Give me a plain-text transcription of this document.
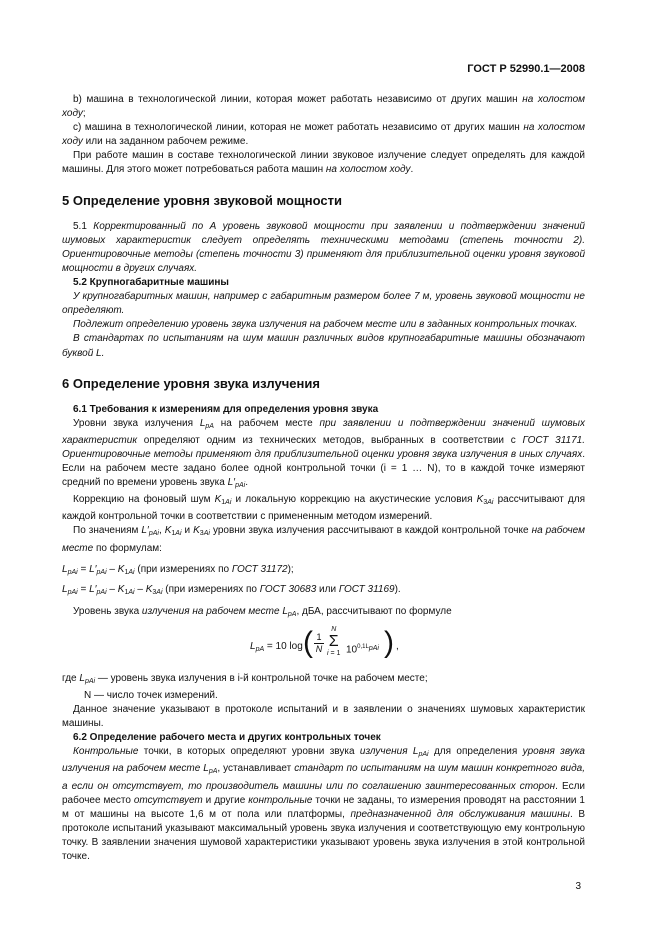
ГОСТ Р 52990.1—2008

b) машина в технологической линии, которая может работать независимо от других машин на холостом ходу;

c) машина в технологической линии, которая не может работать независимо от других машин на холостом ходу или на заданном рабочем режиме.

При работе машин в составе технологической линии звуковое излучение следует определять для каждой машины. Для этого может потребоваться работа машин на холостом ходу.

5 Определение уровня звуковой мощности

5.1 Корректированный по А уровень звуковой мощности при заявлении и подтверждении значений шумовых характеристик следует определять техническими методами (степень точности 2). Ориентировочные методы (степень точности 3) применяют для приблизительной оценки уровня звуковой мощности в других случаях.

5.2 Крупногабаритные машины

У крупногабаритных машин, например с габаритным размером более 7 м, уровень звуковой мощности не определяют.

Подлежит определению уровень звука излучения на рабочем месте или в заданных контрольных точках.

В стандартах по испытаниям на шум машин различных видов крупногабаритные машины обозначают буквой L.

6 Определение уровня звука излучения

6.1 Требования к измерениям для определения уровня звука

Уровни звука излучения $L_{pA}$ на рабочем месте при заявлении и подтверждении значений шумовых характеристик определяют одним из технических методов, выбранных в соответствии с ГОСТ 31171. Ориентировочные методы применяют для приблизительной оценки уровня звука излучения в иных случаях. Если на рабочем месте задано более одной контрольной точки (i = 1 … N), то в каждой точке измеряют средний по времени уровень звука $L'_{pAi}$.

Коррекцию на фоновый шум $K_{1Ai}$ и локальную коррекцию на акустические условия $K_{3Ai}$ рассчитывают для каждой контрольной точки в соответствии с примененным методом измерений.

По значениям $L'_{pAi}$, $K_{1Ai}$ и $K_{3Ai}$ уровни звука излучения рассчитывают в каждой контрольной точке на рабочем месте по формулам:

$L_{pAi} = L'_{pAi} - K_{1Ai}$ (при измерениях по ГОСТ 31172);

$L_{pAi} = L'_{pAi} - K_{1Ai} - K_{3Ai}$ (при измерениях по ГОСТ 30683 или ГОСТ 31169).

Уровень звука излучения на рабочем месте $L_{pA}$, дБА, рассчитывают по формуле

$L_{pA} = 10$ log ( 1
N
N
Σ
i = 1 $10^{0,1L_{pAi}}$ ) ,

где $L_{pAi}$ — уровень звука излучения в i-й контрольной точке на рабочем месте;

N — число точек измерений.

Данное значение указывают в протоколе испытаний и в заявлении о значениях шумовых характеристик машины.

6.2 Определение рабочего места и других контрольных точек

Контрольные точки, в которых определяют уровни звука излучения $L_{pAi}$ для определения уровня звука излучения на рабочем месте $L_{pA}$, устанавливает стандарт по испытаниям на шум машин конкретного вида, а если он отсутствует, то производитель машины или по соглашению заинтересованных сторон. Если рабочее место отсутствует и другие контрольные точки не заданы, то измерения проводят на расстоянии 1 м от машины на высоте 1,6 м от пола или платформы, предназначенной для обслуживания машины. В протоколе испытаний указывают максимальный уровень звука излучения и соответствующую ему контрольную точку. В заявлении значения шумовой характеристики указывают уровень звука излучения в этой контрольной точке.

3
